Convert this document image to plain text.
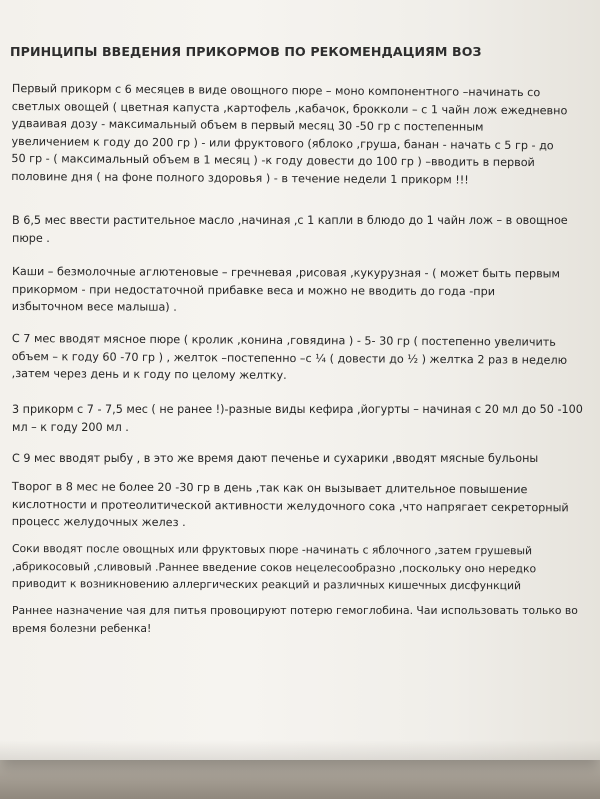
ПРИНЦИПЫ ВВЕДЕНИЯ ПРИКОРМОВ ПО РЕКОМЕНДАЦИЯМ ВОЗ
Первый прикорм с 6 месяцев в виде овощного пюре – моно компонентного –начинать со
светлых овощей ( цветная капуста ,картофель ,кабачок, брокколи – с 1 чайн лож ежедневно
удваивая дозу - максимальный объем в первый месяц 30 -50 гр с постепенным
увеличением к году до 200 гр ) - или фруктового (яблоко ,груша, банан - начать с 5 гр - до
50 гр - ( максимальный объем в 1 месяц ) -к году довести до 100 гр ) –вводить в первой
половине дня ( на фоне полного здоровья ) - в течение недели 1 прикорм !!!
В 6,5 мес ввести растительное масло ,начиная ,с 1 капли в блюдо до 1 чайн лож – в овощное
пюре .
Каши – безмолочные аглютеновые – гречневая ,рисовая ,кукурузная - ( может быть первым
прикормом - при недостаточной прибавке веса и можно не вводить до года -при
избыточном весе малыша) .
С 7 мес вводят мясное пюре ( кролик ,конина ,говядина ) - 5- 30 гр ( постепенно увеличить
объем – к году 60 -70 гр ) , желток –постепенно –с ¼ ( довести до ½ ) желтка 2 раз в неделю
,затем через день и к году по целому желтку.
3 прикорм с 7 - 7,5 мес ( не ранее !)-разные виды кефира ,йогурты – начиная с 20 мл до 50 -100
мл – к году 200 мл .
С 9 мес вводят рыбу , в это же время дают печенье и сухарики ,вводят мясные бульоны
Творог в 8 мес не более 20 -30 гр в день ,так как он вызывает длительное повышение
кислотности и протеолитической активности желудочного сока ,что напрягает секреторный
процесс желудочных желез .
Соки вводят после овощных или фруктовых пюре -начинать с яблочного ,затем грушевый
,абрикосовый ,сливовый .Раннее введение соков нецелесообразно ,поскольку оно нередко
приводит к возникновению аллергических реакций и различных кишечных дисфункций
Раннее назначение чая для питья провоцируют потерю гемоглобина. Чаи использовать только во
время болезни ребенка!
